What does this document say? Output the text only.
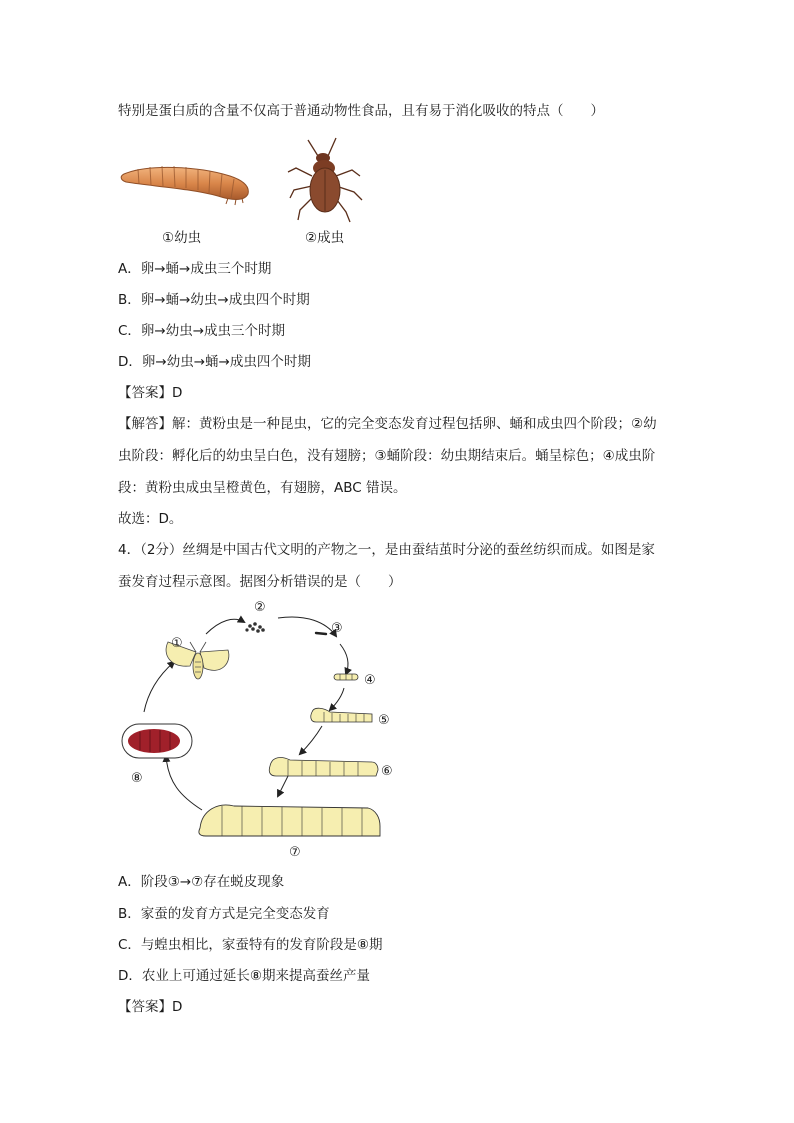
特别是蛋白质的含量不仅高于普通动物性食品，且有易于消化吸收的特点（　　）
①幼虫	②成虫
A．卵→蛹→成虫三个时期
B．卵→蛹→幼虫→成虫四个时期
C．卵→幼虫→成虫三个时期
D．卵→幼虫→蛹→成虫四个时期
【答案】D
【解答】解：黄粉虫是一种昆虫，它的完全变态发育过程包括卵、蛹和成虫四个阶段；②幼
虫阶段：孵化后的幼虫呈白色，没有翅膀；③蛹阶段：幼虫期结束后。蛹呈棕色；④成虫阶
段：黄粉虫成虫呈橙黄色，有翅膀，ABC 错误。
故选：D。
4．（2分）丝绸是中国古代文明的产物之一，是由蚕结茧时分泌的蚕丝纺织而成。如图是家
蚕发育过程示意图。据图分析错误的是（　　）
①
②
③
④
⑤
⑥
⑦
⑧
A．阶段③→⑦存在蜕皮现象
B．家蚕的发育方式是完全变态发育
C．与蝗虫相比，家蚕特有的发育阶段是⑧期
D．农业上可通过延长⑧期来提高蚕丝产量
【答案】D
